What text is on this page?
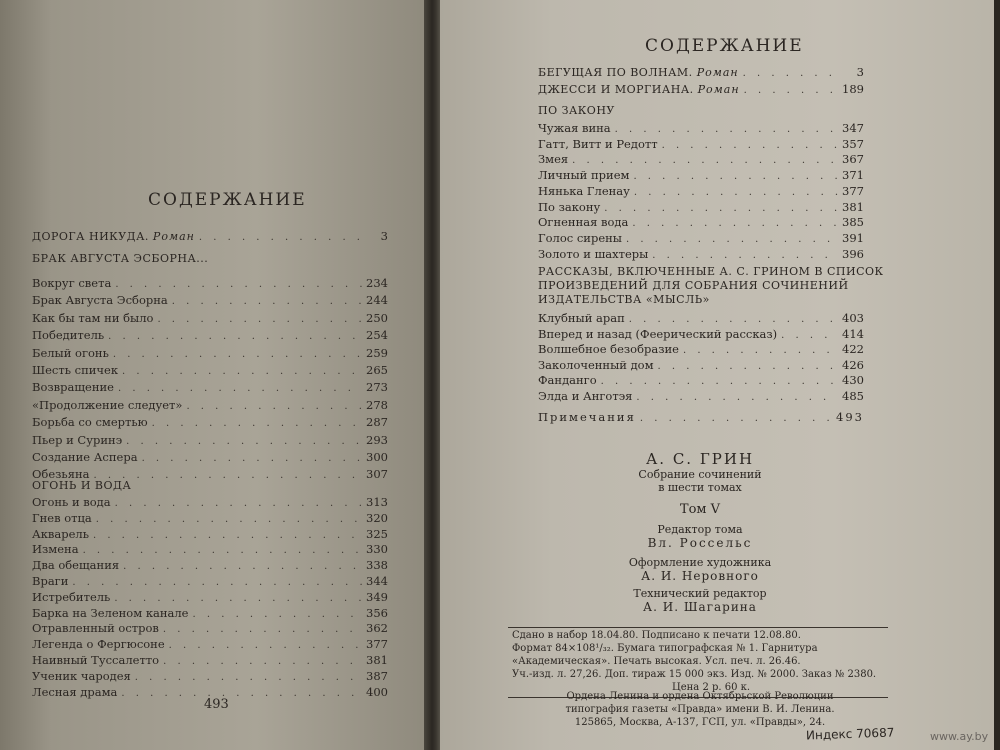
СОДЕРЖАНИЕ
ДОРОГА НИКУДА. Роман . . .	3
БРАК АВГУСТА ЭСБОРНА...
Вокруг света . . .	234
Брак Августа Эсборна . . .	244
Как бы там ни было . . .	250
Победитель . . .	254
Белый огонь . . .	259
Шесть спичек . . .	265
Возвращение . . .	273
«Продолжение следует» . . .	278
Борьба со смертью . . .	287
Пьер и Суринэ . . .	293
Создание Аспера . . .	300
Обезьяна . . .	307
ОГОНЬ И ВОДА
Огонь и вода . . .	313
Гнев отца . . .	320
Акварель . . .	325
Измена . . .	330
Два обещания . . .	338
Враги . . .	344
Истребитель . . .	349
Барка на Зеленом канале . . .	356
Отравленный остров . . .	362
Легенда о Фергюсоне . . .	377
Наивный Туссалетто . . .	381
Ученик чародея . . .	387
Лесная драма . . .	400
493
СОДЕРЖАНИЕ
БЕГУЩАЯ ПО ВОЛНАМ. Роман . . .	3
ДЖЕССИ И МОРГИАНА. Роман . . .	189
ПО ЗАКОНУ
Чужая вина . . .	347
Гатт, Витт и Редотт . . .	357
Змея . . .	367
Личный прием . . .	371
Нянька Гленау . . .	377
По закону . . .	381
Огненная вода . . .	385
Голос сирены . . .	391
Золото и шахтеры . . .	396
РАССКАЗЫ, ВКЛЮЧЕННЫЕ А. С. ГРИНОМ В СПИСОК
ПРОИЗВЕДЕНИЙ ДЛЯ СОБРАНИЯ СОЧИНЕНИЙ
ИЗДАТЕЛЬСТВА «МЫСЛЬ»
Клубный арап . . .	403
Вперед и назад (Феерический рассказ) . . .	414
Волшебное безобразие . . .	422
Заколоченный дом . . .	426
Фанданго . . .	430
Элда и Анготэя . . .	485
Примечания . . .	493
А. С. ГРИН
Собрание сочинений
в шести томах
Том V
Редактор тома
Вл. Россельс
Оформление художника
А. И. Неровного
Технический редактор
А. И. Шагарина
Сдано в набор 18.04.80. Подписано к печати 12.08.80.
Формат 84×108¹/₃₂. Бумага типографская № 1. Гарнитура
«Академическая». Печать высокая. Усл. печ. л. 26.46.
Уч.-изд. л. 27,26. Доп. тираж 15 000 экз. Изд. № 2000. Заказ № 2380.
Цена 2 р. 60 к.
Ордена Ленина и ордена Октябрьской Революции
типография газеты «Правда» имени В. И. Ленина.
125865, Москва, А-137, ГСП, ул. «Правды», 24.
Индекс 70687	www.ay.by
